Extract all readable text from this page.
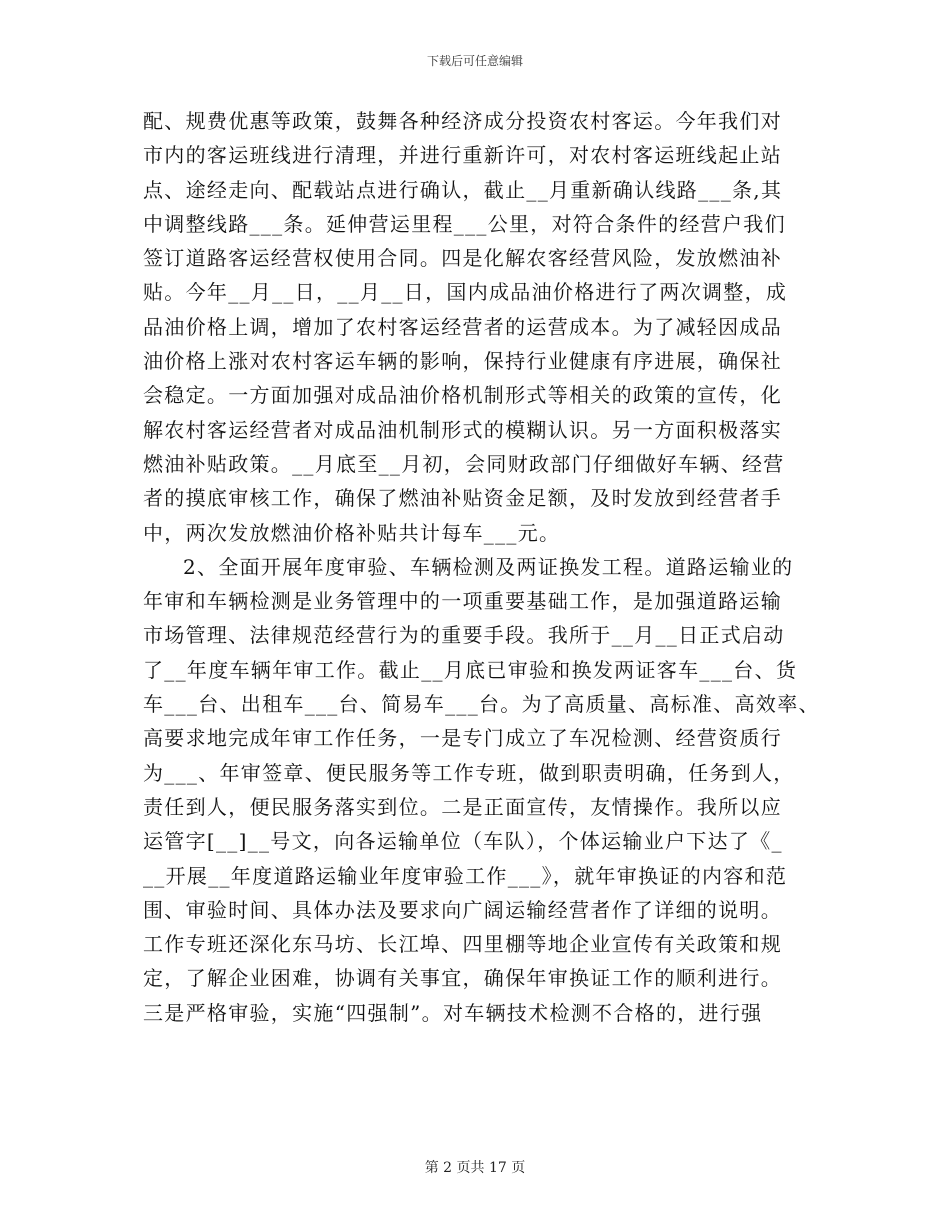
下载后可任意编辑
配、规费优惠等政策，鼓舞各种经济成分投资农村客运。今年我们对
市内的客运班线进行清理，并进行重新许可，对农村客运班线起止站
点、途经走向、配载站点进行确认，截止__月重新确认线路___条,其
中调整线路___条。延伸营运里程___公里，对符合条件的经营户我们
签订道路客运经营权使用合同。四是化解农客经营风险，发放燃油补
贴。今年__月__日，__月__日，国内成品油价格进行了两次调整，成
品油价格上调，增加了农村客运经营者的运营成本。为了减轻因成品
油价格上涨对农村客运车辆的影响，保持行业健康有序进展，确保社
会稳定。一方面加强对成品油价格机制形式等相关的政策的宣传，化
解农村客运经营者对成品油机制形式的模糊认识。另一方面积极落实
燃油补贴政策。__月底至__月初，会同财政部门仔细做好车辆、经营
者的摸底审核工作，确保了燃油补贴资金足额，及时发放到经营者手
中，两次发放燃油价格补贴共计每车___元。
2、全面开展年度审验、车辆检测及两证换发工程。道路运输业的
年审和车辆检测是业务管理中的一项重要基础工作，是加强道路运输
市场管理、法律规范经营行为的重要手段。我所于__月__日正式启动
了__年度车辆年审工作。截止__月底已审验和换发两证客车___台、货
车___台、出租车___台、简易车___台。为了高质量、高标准、高效率、
高要求地完成年审工作任务，一是专门成立了车况检测、经营资质行
为___、年审签章、便民服务等工作专班，做到职责明确，任务到人，
责任到人，便民服务落实到位。二是正面宣传，友情操作。我所以应
运管字[__]__号文，向各运输单位（车队），个体运输业户下达了《_
__开展__年度道路运输业年度审验工作___》，就年审换证的内容和范
围、审验时间、具体办法及要求向广阔运输经营者作了详细的说明。
工作专班还深化东马坊、长江埠、四里棚等地企业宣传有关政策和规
定，了解企业困难，协调有关事宜，确保年审换证工作的顺利进行。
三是严格审验，实施“四强制”。对车辆技术检测不合格的，进行强
第 2 页共 17 页
